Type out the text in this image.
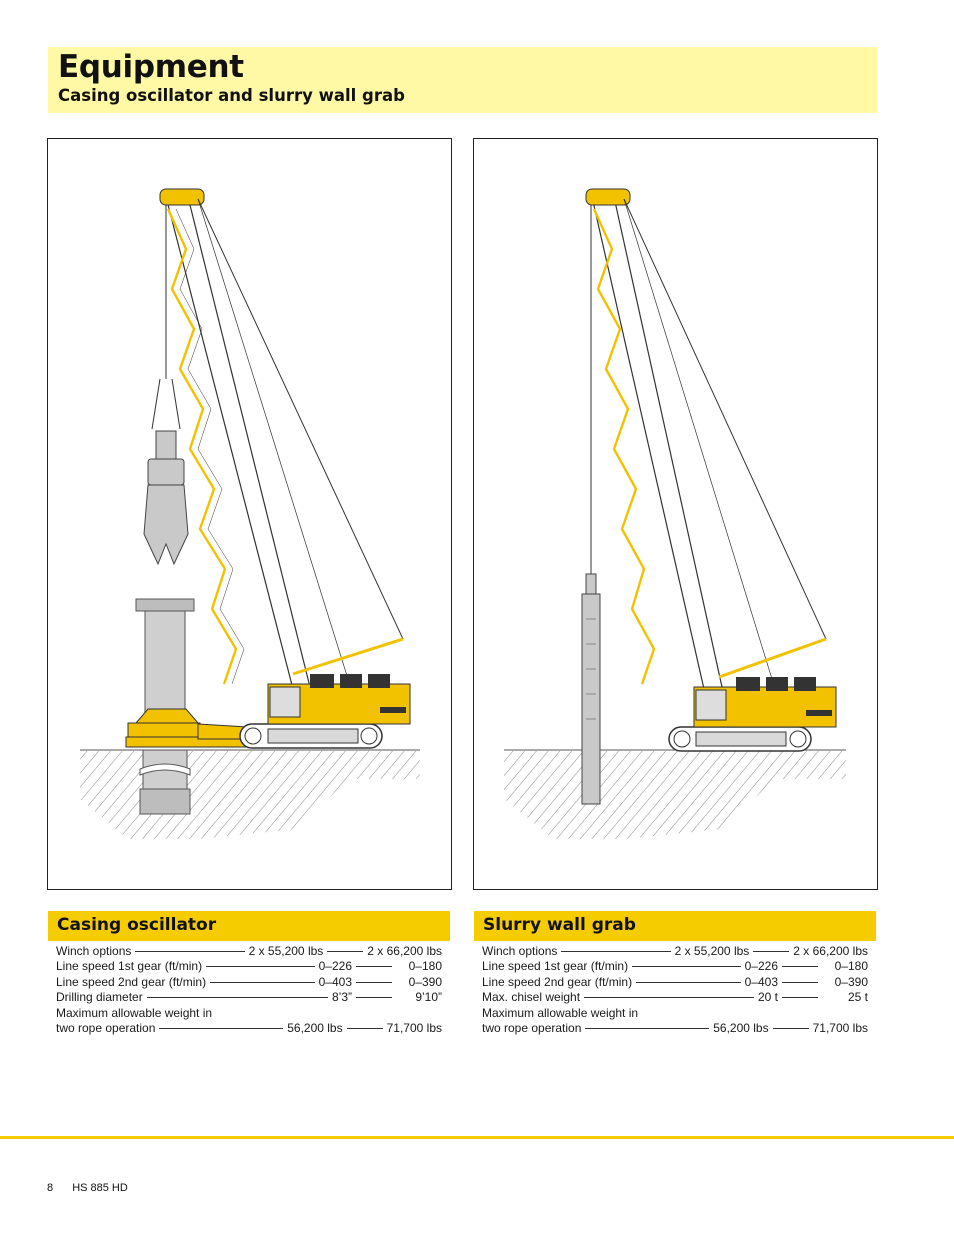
Equipment
Casing oscillator and slurry wall grab
Casing oscillator
Winch options	2 x 55,200 lbs	2 x 66,200 lbs
Line speed 1st gear (ft/min)	0–226	0–180
Line speed 2nd gear (ft/min)	0–403	0–390
Drilling diameter	8’3”	9’10”
Maximum allowable weight in
two rope operation	56,200 lbs	71,700 lbs
Slurry wall grab
Winch options	2 x 55,200 lbs	2 x 66,200 lbs
Line speed 1st gear (ft/min)	0–226	0–180
Line speed 2nd gear (ft/min)	0–403	0–390
Max. chisel weight	20 t	25 t
Maximum allowable weight in
two rope operation	56,200 lbs	71,700 lbs
8 HS 885 HD
